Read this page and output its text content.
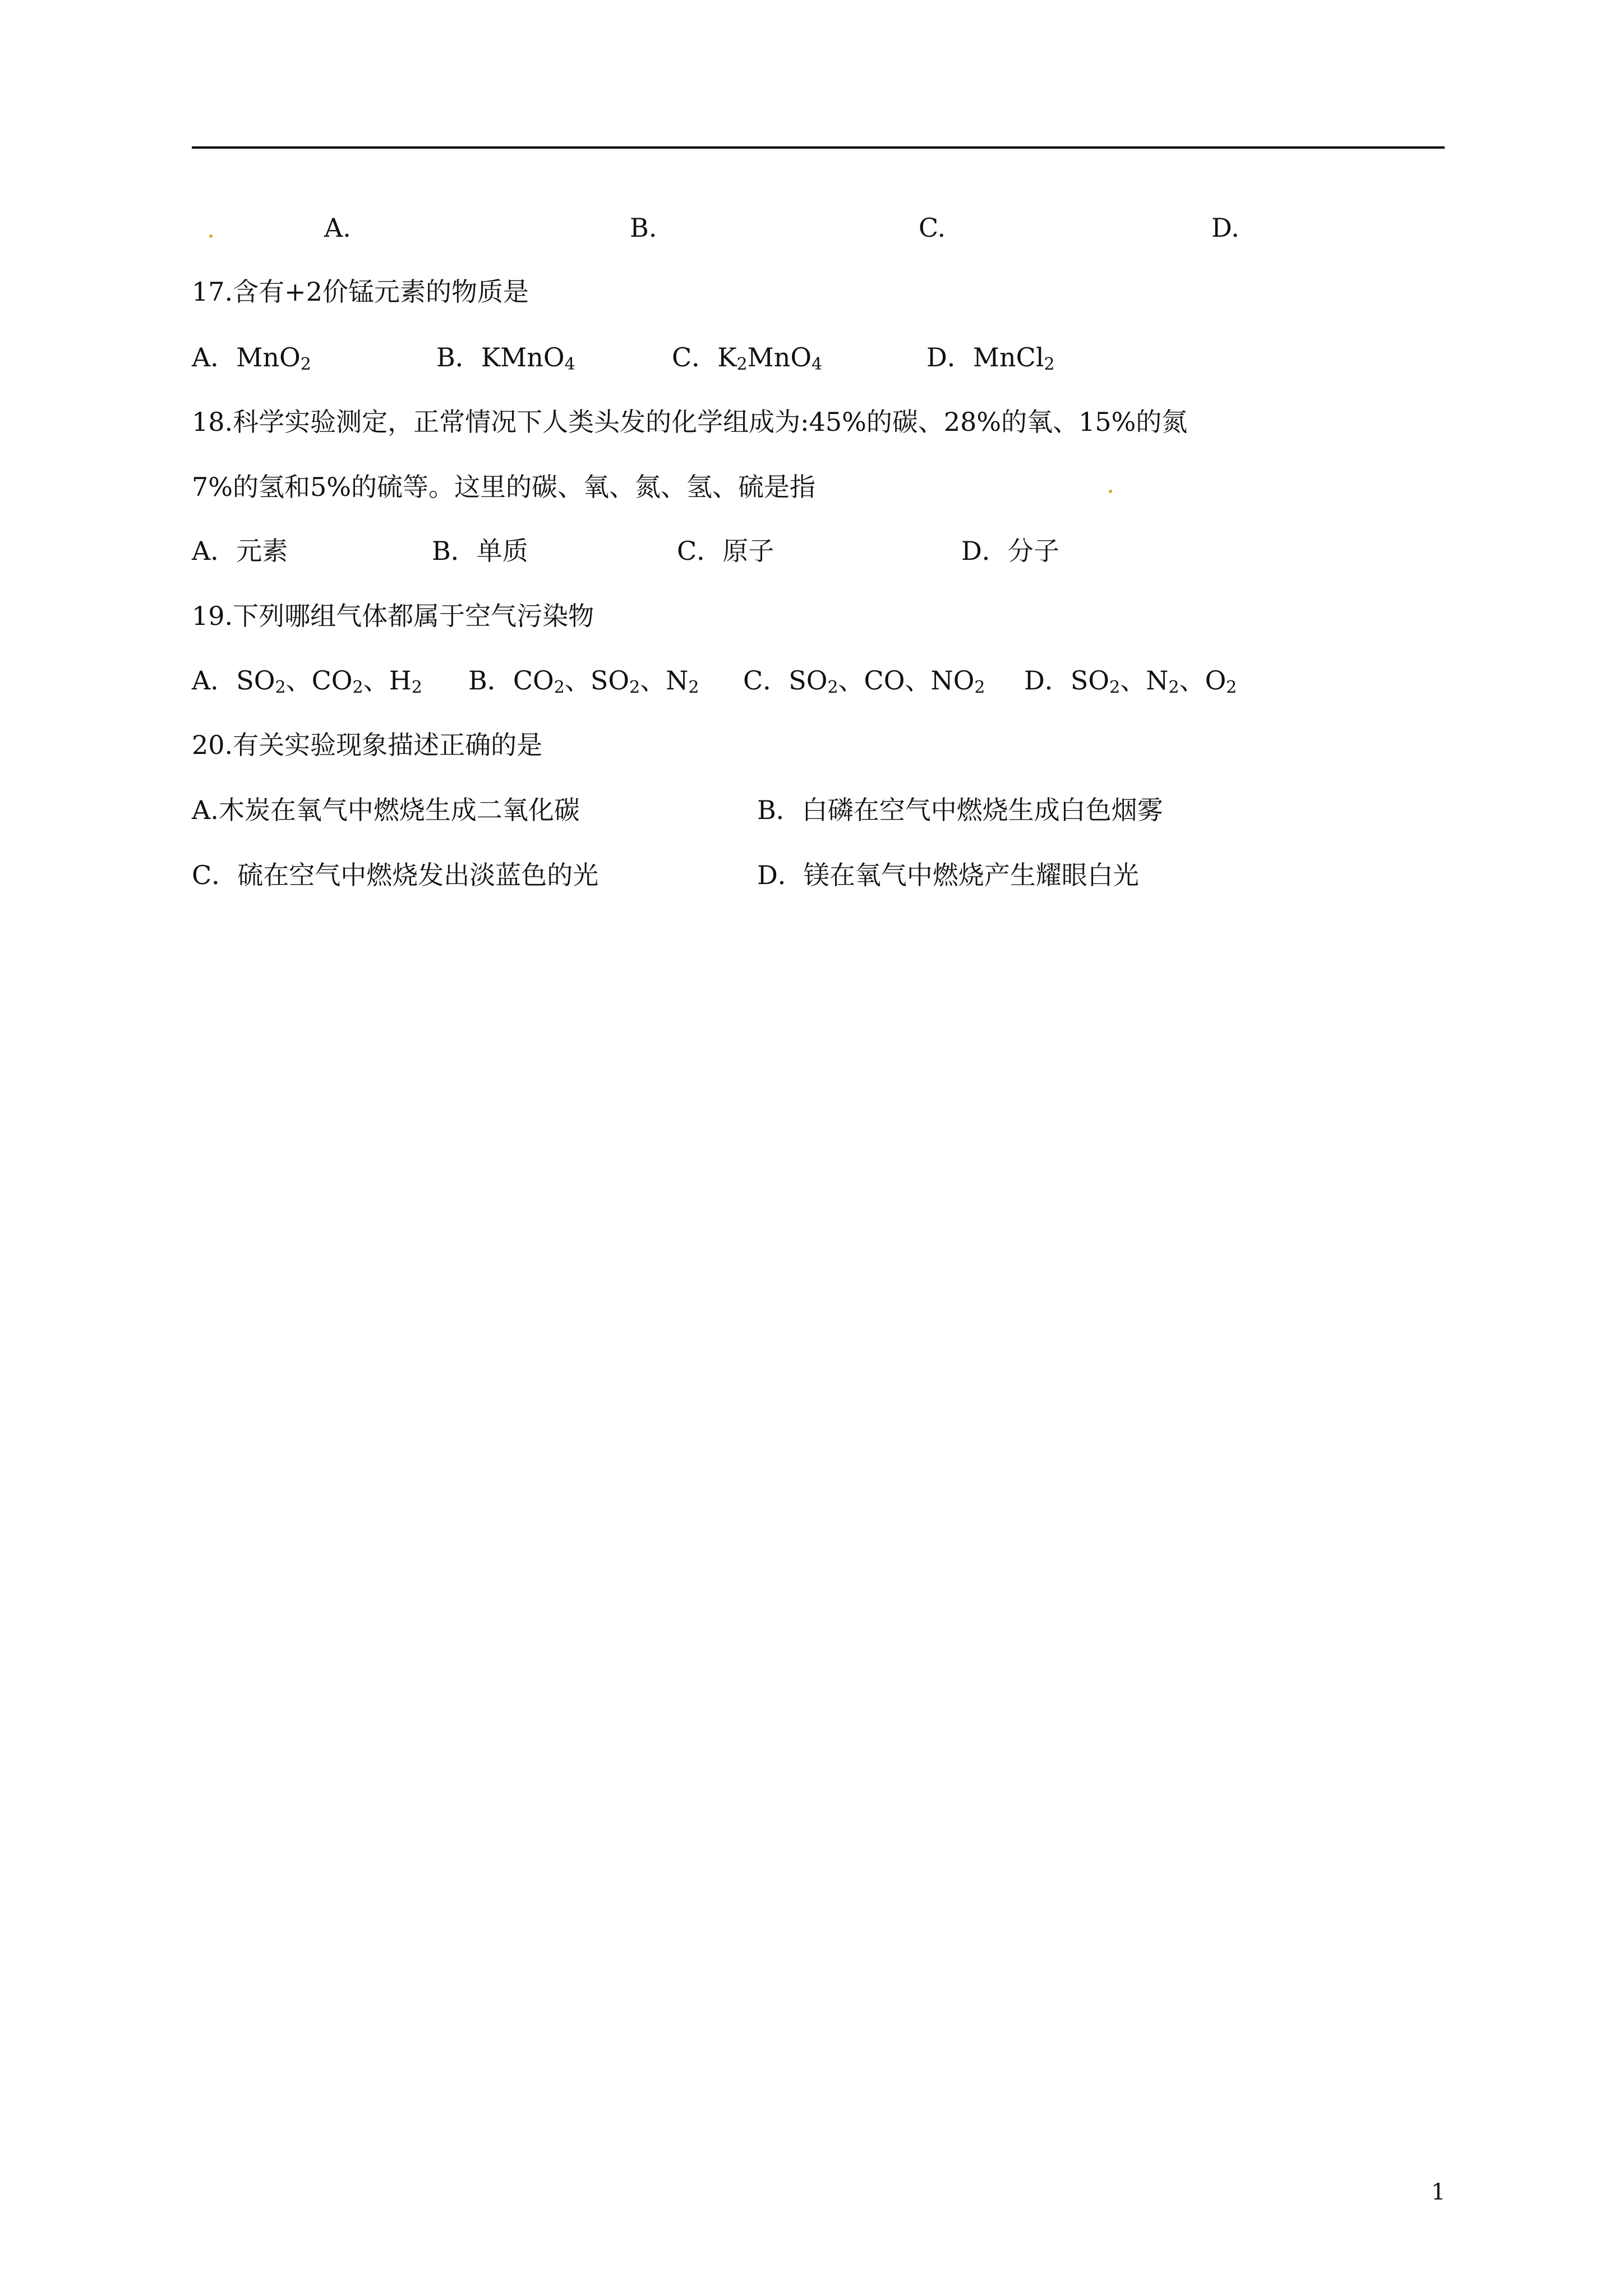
A.	B.	C.	D.
17.含有+2价锰元素的物质是
A．MnO$_2$	B．KMnO$_4$	C．$K_2MnO_4$	D．MnCl$_2$
18.科学实验测定，正常情况下人类头发的化学组成为:45%的碳、28%的氧、15%的氮
7%的氢和5%的硫等。这里的碳、氧、氮、氢、硫是指
A．元素	B．单质	C．原子	D．分子
19.下列哪组气体都属于空气污染物
A．$SO_2$、$CO_2$、$H_2$ B．$CO_2$、$SO_2$、$N_2$ C．$SO_2$、CO、$NO_2$ D．$SO_2$、$N_2$、$O_2$
20.有关实验现象描述正确的是
A.木炭在氧气中燃烧生成二氧化碳	B．白磷在空气中燃烧生成白色烟雾
C．硫在空气中燃烧发出淡蓝色的光	D．镁在氧气中燃烧产生耀眼白光
1
